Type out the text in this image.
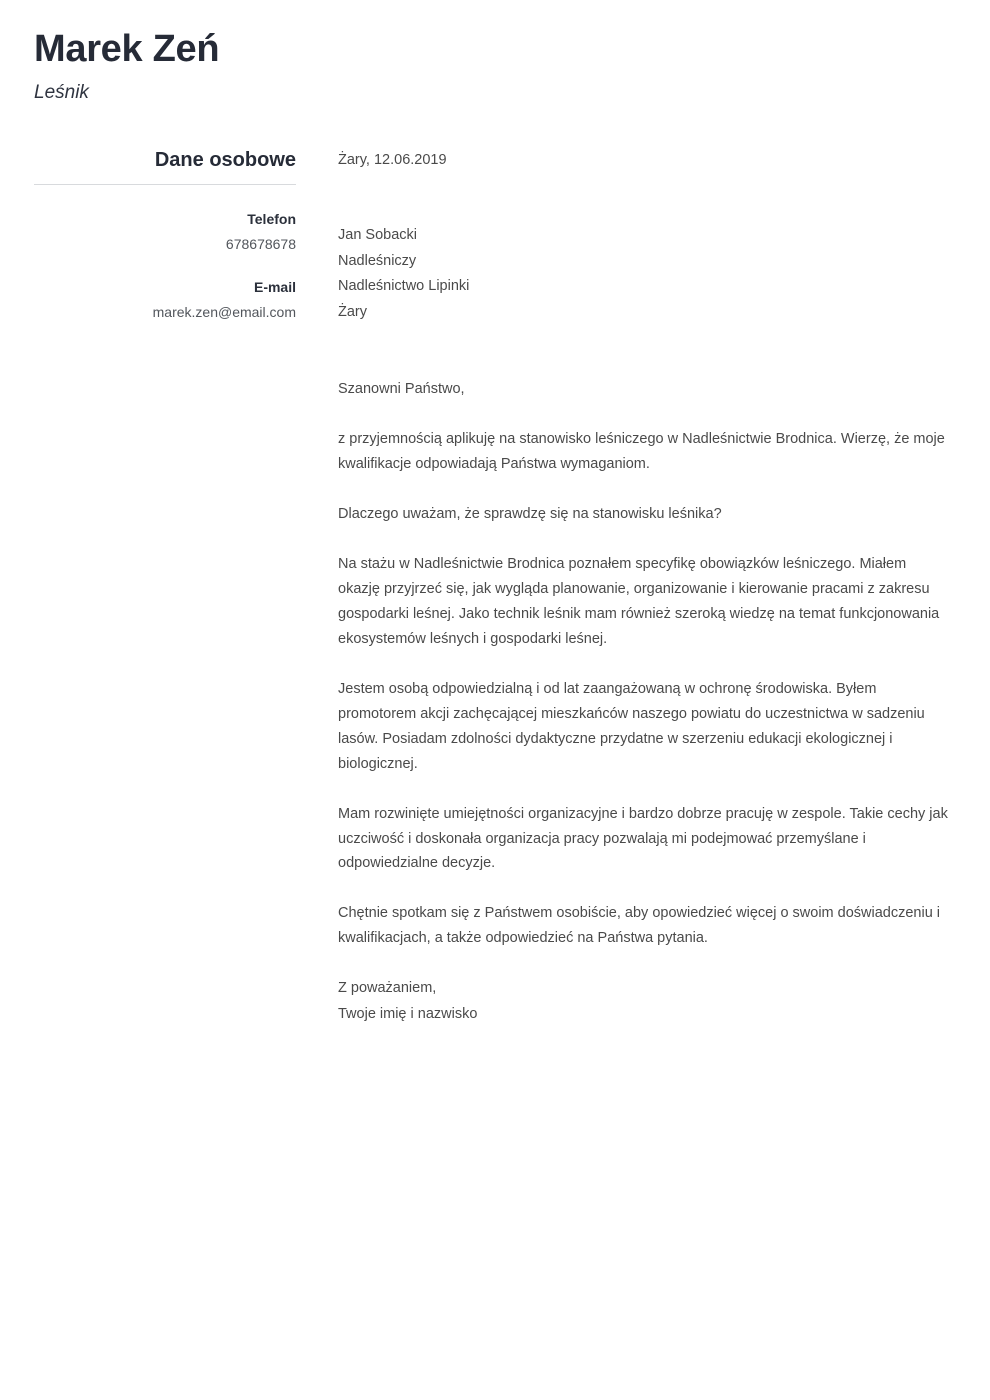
Marek Zeń

Leśnik

Dane osobowe

Telefon

678678678

E-mail

marek.zen@email.com

Żary, 12.06.2019

Jan Sobacki

Nadleśniczy

Nadleśnictwo Lipinki

Żary

Szanowni Państwo,

z przyjemnością aplikuję na stanowisko leśniczego w Nadleśnictwie Brodnica. Wierzę, że moje kwalifikacje odpowiadają Państwa wymaganiom.

Dlaczego uważam, że sprawdzę się na stanowisku leśnika?

Na stażu w Nadleśnictwie Brodnica poznałem specyfikę obowiązków leśniczego. Miałem okazję przyjrzeć się, jak wygląda planowanie, organizowanie i kierowanie pracami z zakresu gospodarki leśnej. Jako technik leśnik mam również szeroką wiedzę na temat funkcjonowania ekosystemów leśnych i gospodarki leśnej.

Jestem osobą odpowiedzialną i od lat zaangażowaną w ochronę środowiska. Byłem promotorem akcji zachęcającej mieszkańców naszego powiatu do uczestnictwa w sadzeniu lasów. Posiadam zdolności dydaktyczne przydatne w szerzeniu edukacji ekologicznej i biologicznej.

Mam rozwinięte umiejętności organizacyjne i bardzo dobrze pracuję w zespole. Takie cechy jak uczciwość i doskonała organizacja pracy pozwalają mi podejmować przemyślane i odpowiedzialne decyzje.

Chętnie spotkam się z Państwem osobiście, aby opowiedzieć więcej o swoim doświadczeniu i kwalifikacjach, a także odpowiedzieć na Państwa pytania.

Z poważaniem,

Twoje imię i nazwisko
